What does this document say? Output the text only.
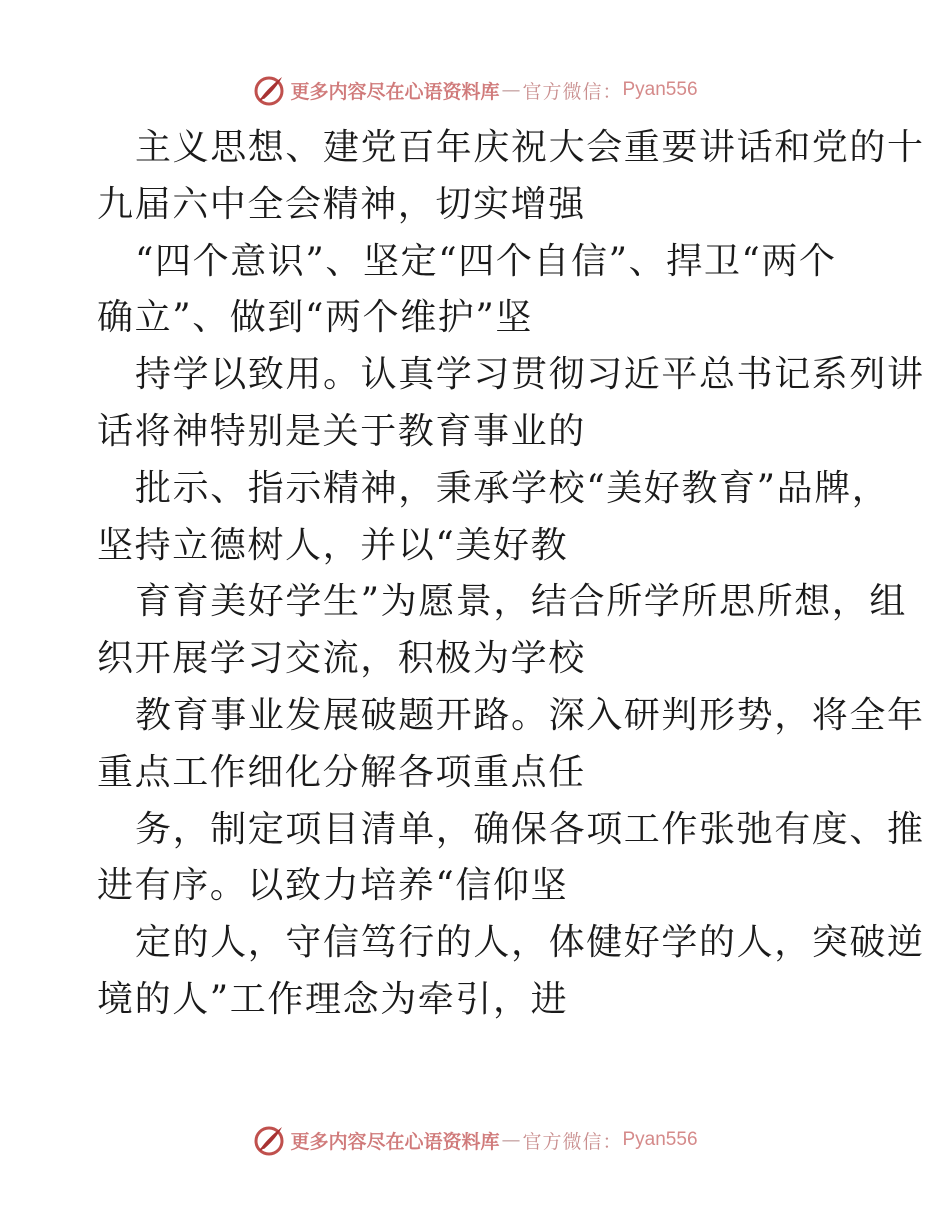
更多内容尽在心语资料库 — 官方微信： Pyan556
主义思想、建党百年庆祝大会重要讲话和党的十
九届六中全会精神，切实增强
“四个意识”、坚定“四个自信”、捍卫“两个
确立”、做到“两个维护”坚
持学以致用。认真学习贯彻习近平总书记系列讲
话将神特别是关于教育事业的
批示、指示精神，秉承学校“美好教育”品牌，
坚持立德树人，并以“美好教
育育美好学生”为愿景，结合所学所思所想，组
织开展学习交流，积极为学校
教育事业发展破题开路。深入研判形势，将全年
重点工作细化分解各项重点任
务，制定项目清单，确保各项工作张弛有度、推
进有序。以致力培养“信仰坚
定的人，守信笃行的人，体健好学的人，突破逆
境的人”工作理念为牵引，进
更多内容尽在心语资料库 — 官方微信： Pyan556
